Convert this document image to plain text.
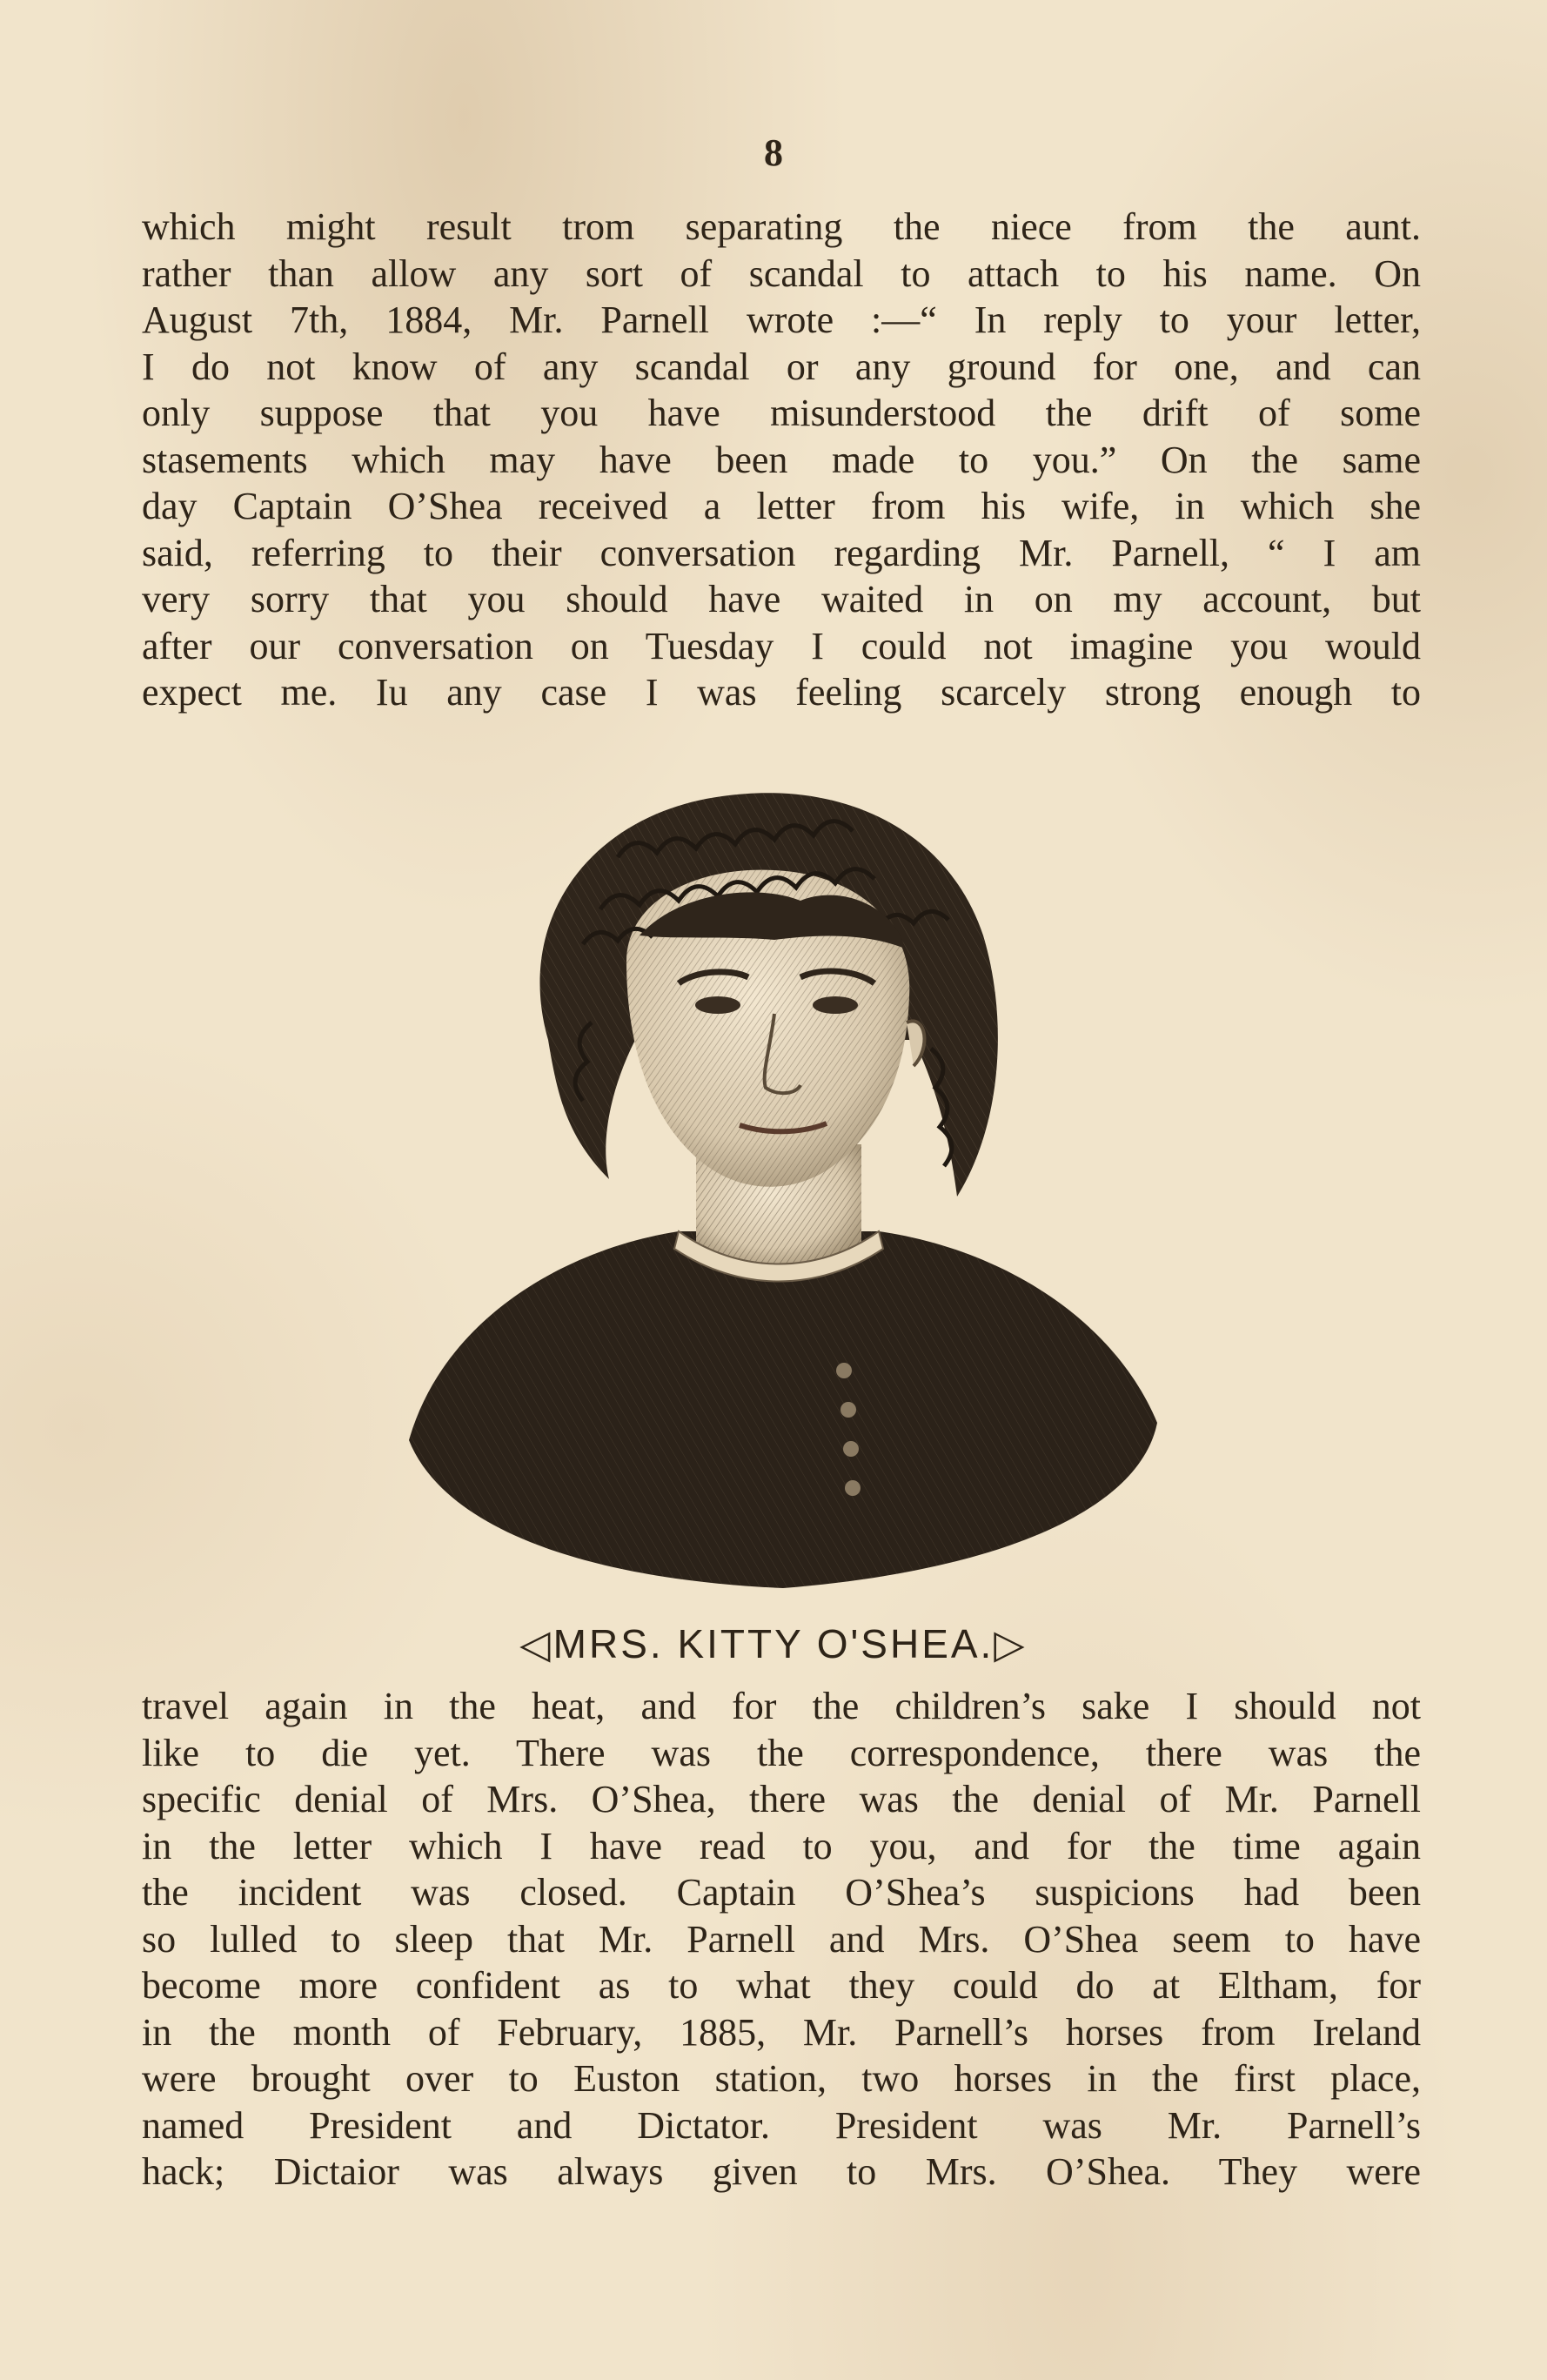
8
which might result trom separating the niece from the aunt.
rather than allow any sort of scandal to attach to his name. On
August 7th, 1884, Mr. Parnell wrote :—“ In reply to your letter,
I do not know of any scandal or any ground for one, and can
only suppose that you have misunderstood the drift of some
stasements which may have been made to you.” On the same
day Captain O’Shea received a letter from his wife, in which she
said, referring to their conversation regarding Mr. Parnell, “ I am
very sorry that you should have waited in on my account, but
after our conversation on Tuesday I could not imagine you would
expect me. Iu any case I was feeling scarcely strong enough to
◁MRS. KITTY O'SHEA.▷
travel again in the heat, and for the children’s sake I should not
like to die yet. There was the correspondence, there was the
specific denial of Mrs. O’Shea, there was the denial of Mr. Parnell
in the letter which I have read to you, and for the time again
the incident was closed. Captain O’Shea’s suspicions had been
so lulled to sleep that Mr. Parnell and Mrs. O’Shea seem to have
become more confident as to what they could do at Eltham, for
in the month of February, 1885, Mr. Parnell’s horses from Ireland
were brought over to Euston station, two horses in the first place,
named President and Dictator. President was Mr. Parnell’s
hack; Dictaior was always given to Mrs. O’Shea. They were
